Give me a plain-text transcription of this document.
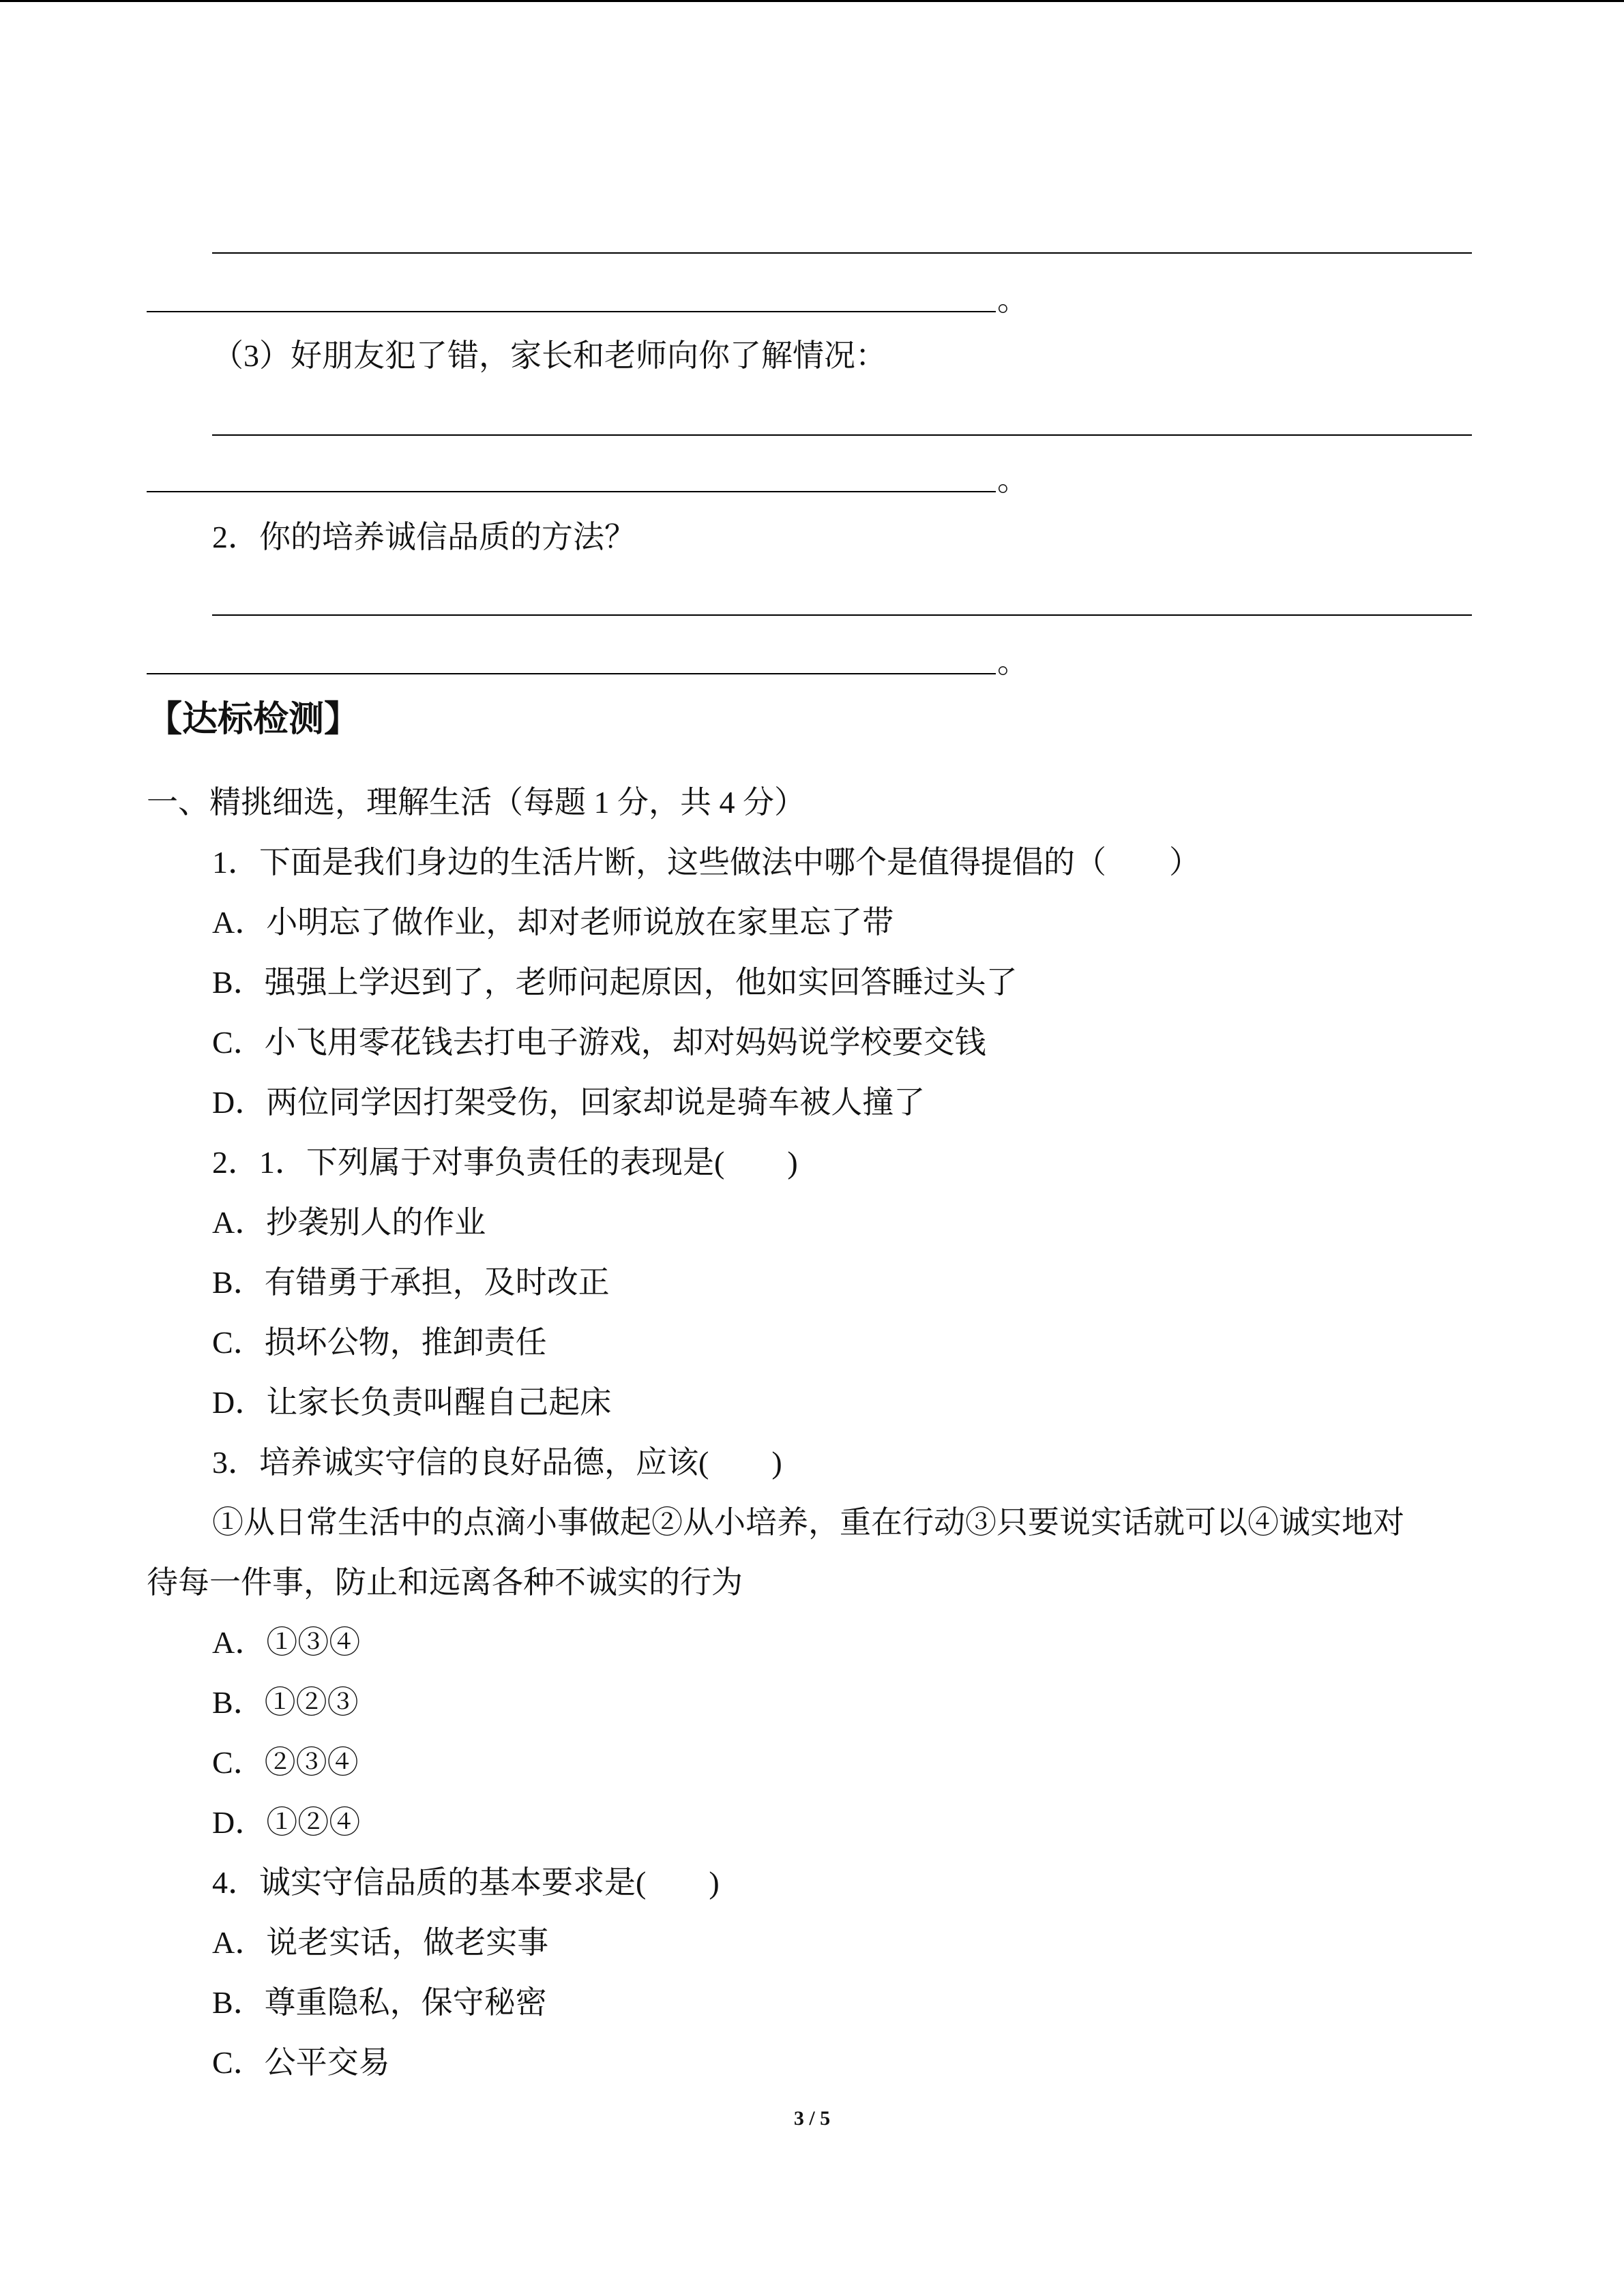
。
（3）好朋友犯了错，家长和老师向你了解情况：
。
2．你的培养诚信品质的方法？
。
【达标检测】
一、精挑细选，理解生活（每题 1 分，共 4 分）
1．下面是我们身边的生活片断，这些做法中哪个是值得提倡的（　　）
A．小明忘了做作业，却对老师说放在家里忘了带
B．强强上学迟到了，老师问起原因，他如实回答睡过头了
C．小飞用零花钱去打电子游戏，却对妈妈说学校要交钱
D．两位同学因打架受伤，回家却说是骑车被人撞了
2．1．下列属于对事负责任的表现是(　　)
A．抄袭别人的作业
B．有错勇于承担，及时改正
C．损坏公物，推卸责任
D．让家长负责叫醒自己起床
3．培养诚实守信的良好品德，应该(　　)
①从日常生活中的点滴小事做起②从小培养，重在行动③只要说实话就可以④诚实地对
待每一件事，防止和远离各种不诚实的行为
A．①③④
B．①②③
C．②③④
D．①②④
4．诚实守信品质的基本要求是(　　)
A．说老实话，做老实事
B．尊重隐私，保守秘密
C．公平交易
3 / 5
